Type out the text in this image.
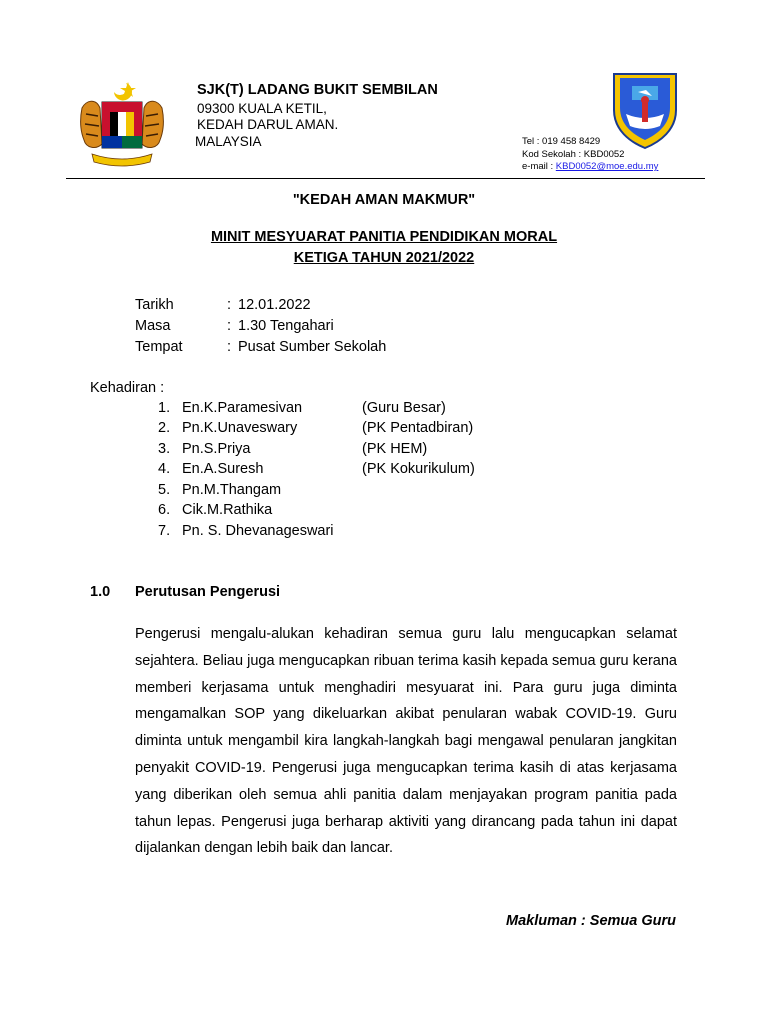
SJK(T) LADANG BUKIT SEMBILAN
09300 KUALA KETIL,
KEDAH DARUL AMAN.
MALAYSIA	Tel : 019 458 8429
Kod Sekolah : KBD0052
e-mail : KBD0052@moe.edu.my
"KEDAH AMAN MAKMUR"
MINIT MESYUARAT PANITIA PENDIDIKAN MORAL
KETIGA TAHUN 2021/2022
Tarikh	: 12.01.2022
Masa	: 1.30 Tengahari
Tempat	: Pusat Sumber Sekolah
Kehadiran :
1. En.K.Paramesivan	(Guru Besar)
2. Pn.K.Unaveswary	(PK Pentadbiran)
3. Pn.S.Priya	(PK HEM)
4. En.A.Suresh	(PK Kokurikulum)
5. Pn.M.Thangam
6. Cik.M.Rathika
7. Pn. S. Dhevanageswari
1.0 Perutusan Pengerusi
Pengerusi mengalu-alukan kehadiran semua guru lalu mengucapkan selamat sejahtera. Beliau juga mengucapkan ribuan terima kasih kepada semua guru kerana memberi kerjasama untuk menghadiri mesyuarat ini. Para guru juga diminta mengamalkan SOP yang dikeluarkan akibat penularan wabak COVID-19. Guru diminta untuk mengambil kira langkah-langkah bagi mengawal penularan jangkitan penyakit COVID-19. Pengerusi juga mengucapkan terima kasih di atas kerjasama yang diberikan oleh semua ahli panitia dalam menjayakan program panitia pada tahun lepas. Pengerusi juga berharap aktiviti yang dirancang pada tahun ini dapat dijalankan dengan lebih baik dan lancar.
Makluman : Semua Guru
